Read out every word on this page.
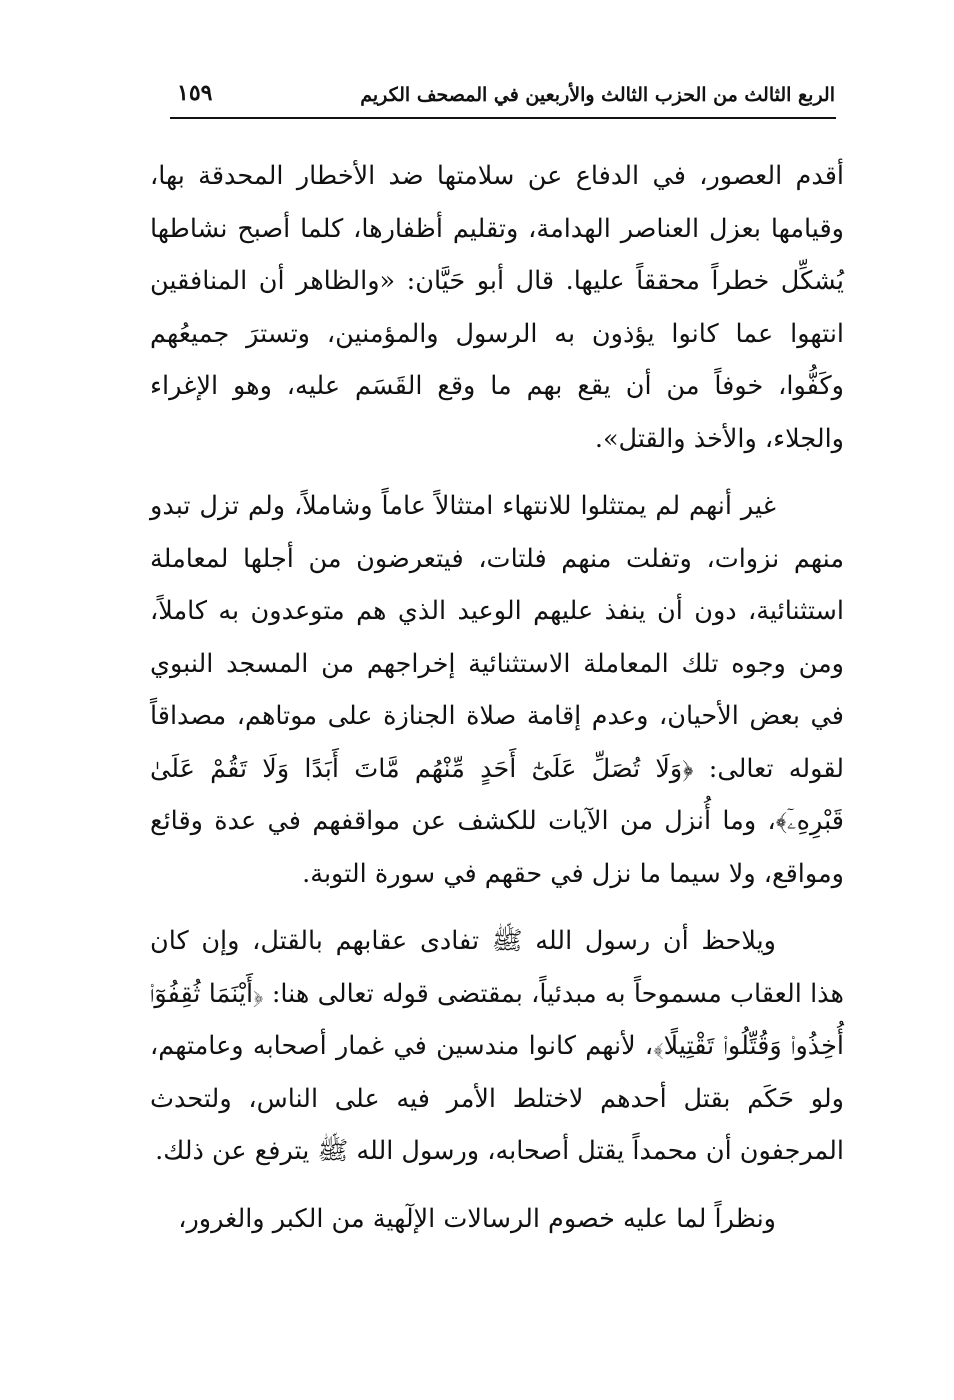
الربع الثالث من الحزب الثالث والأربعين في المصحف الكريم
١٥٩

أقدم العصور، في الدفاع عن سلامتها ضد الأخطار المحدقة بها، وقيامها بعزل العناصر الهدامة، وتقليم أظفارها، كلما أصبح نشاطها يُشكِّل خطراً محققاً عليها. قال أبو حَيَّان: «والظاهر أن المنافقين انتهوا عما كانوا يؤذون به الرسول والمؤمنين، وتسترَ جميعُهم وكَفُّوا، خوفاً من أن يقع بهم ما وقع القَسَم عليه، وهو الإغراء والجلاء، والأخذ والقتل».

غير أنهم لم يمتثلوا للانتهاء امتثالاً عاماً وشاملاً، ولم تزل تبدو منهم نزوات، وتفلت منهم فلتات، فيتعرضون من أجلها لمعاملة استثنائية، دون أن ينفذ عليهم الوعيد الذي هم متوعدون به كاملاً، ومن وجوه تلك المعاملة الاستثنائية إخراجهم من المسجد النبوي في بعض الأحيان، وعدم إقامة صلاة الجنازة على موتاهم، مصداقاً لقوله تعالى: ﴿وَلَا تُصَلِّ عَلَىٰٓ أَحَدٍ مِّنْهُم مَّاتَ أَبَدًا وَلَا تَقُمْ عَلَىٰ قَبْرِهِۦٓ﴾، وما أُنزل من الآيات للكشف عن مواقفهم في عدة وقائع ومواقع، ولا سيما ما نزل في حقهم في سورة التوبة.

ويلاحظ أن رسول الله ﷺ تفادى عقابهم بالقتل، وإن كان هذا العقاب مسموحاً به مبدئياً، بمقتضى قوله تعالى هنا: ﴿أَيْنَمَا ثُقِفُوٓا۟ أُخِذُوا۟ وَقُتِّلُوا۟ تَقْتِيلًا﴾، لأنهم كانوا مندسين في غمار أصحابه وعامتهم، ولو حَكَم بقتل أحدهم لاختلط الأمر فيه على الناس، ولتحدث المرجفون أن محمداً يقتل أصحابه، ورسول الله ﷺ يترفع عن ذلك.

ونظراً لما عليه خصوم الرسالات الإلٓهية من الكبر والغرور،
